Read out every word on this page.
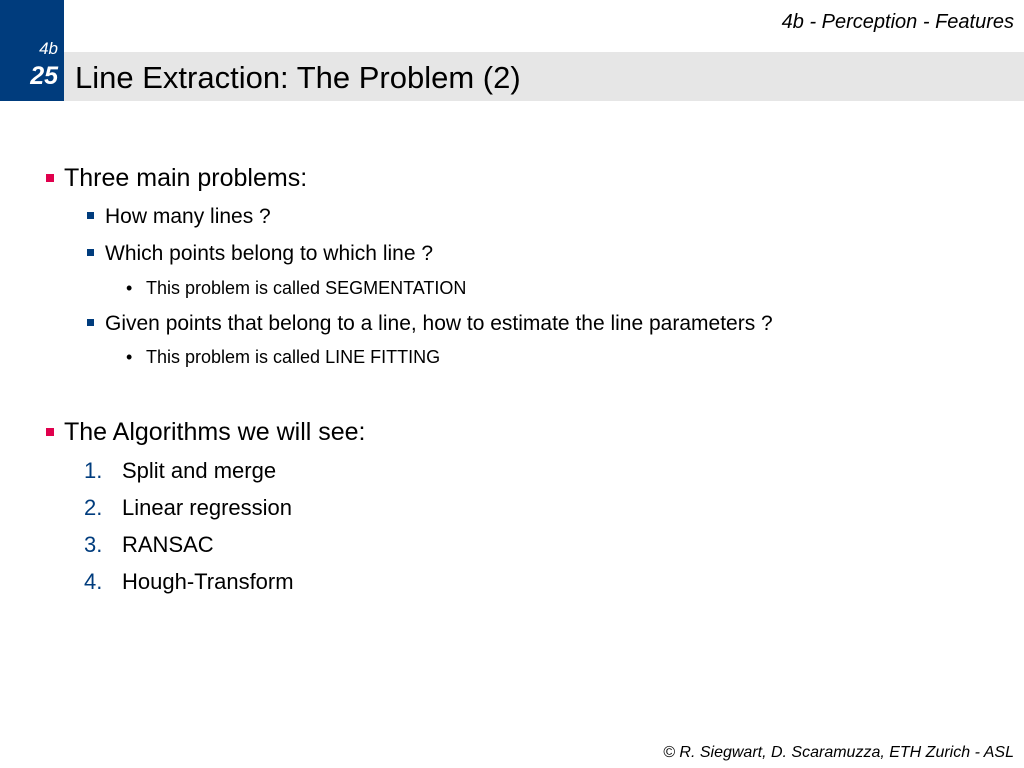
4b
25
4b - Perception - Features
Line Extraction: The Problem (2)
Three main problems:
How many lines ?
Which points belong to which line ?
• This problem is called SEGMENTATION
Given points that belong to a line, how to estimate the line parameters ?
• This problem is called LINE FITTING
The Algorithms we will see:
1. Split and merge
2. Linear regression
3. RANSAC
4. Hough-Transform
© R. Siegwart, D. Scaramuzza, ETH Zurich - ASL
